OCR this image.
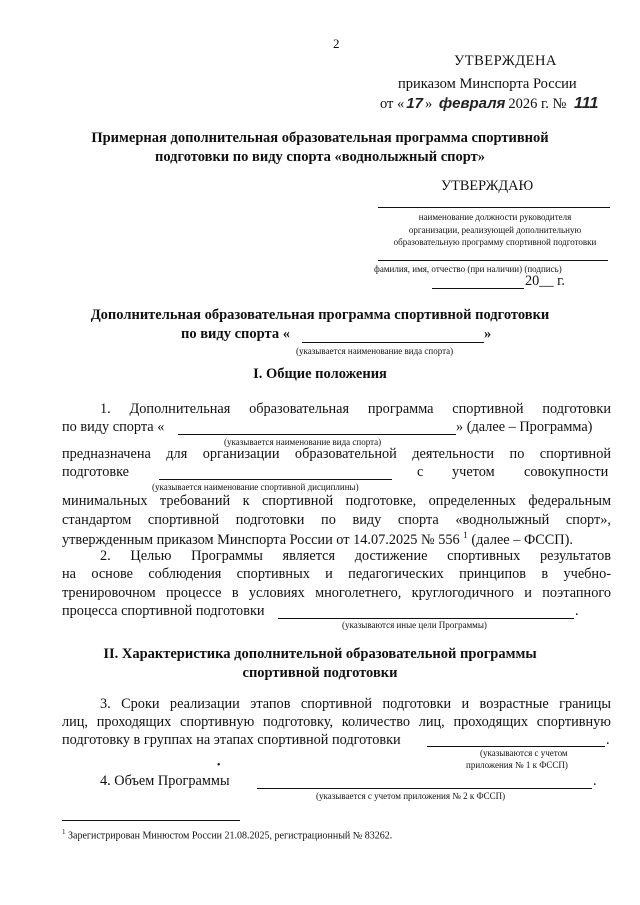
2
УТВЕРЖДЕНА
приказом Минспорта России
от « 17 » февраля 2026 г. № 111
Примерная дополнительная образовательная программа спортивной
подготовки по виду спорта «воднолыжный спорт»
УТВЕРЖДАЮ
наименование должности руководителя
организации, реализующей дополнительную
образовательную программу спортивной подготовки
фамилия, имя, отчество (при наличии) (подпись)
20__ г.
Дополнительная образовательная программа спортивной подготовки
по виду спорта «	»
(указывается наименование вида спорта)
I. Общие положения
1. Дополнительная образовательная программа спортивной подготовки
по виду спорта «	» (далее – Программа)
(указывается наименование вида спорта)
предназначена для организации образовательной деятельности по спортивной
подготовке	с учетом совокупности
(указывается наименование спортивной дисциплины)
минимальных требований к спортивной подготовке, определенных федеральным
стандартом спортивной подготовки по виду спорта «воднолыжный спорт»,
утвержденным приказом Минспорта России от 14.07.2025 № 556 $^1$ (далее – ФССП).
2. Целью Программы является достижение спортивных результатов
на основе соблюдения спортивных и педагогических принципов в учебно-
тренировочном процессе в условиях многолетнего, круглогодичного и поэтапного
процесса спортивной подготовки	.
(указываются иные цели Программы)
II. Характеристика дополнительной образовательной программы
спортивной подготовки
3. Сроки реализации этапов спортивной подготовки и возрастные границы
лиц, проходящих спортивную подготовку, количество лиц, проходящих спортивную
подготовку в группах на этапах спортивной подготовки	.
(указываются с учетом
приложения № 1 к ФССП)
•
4. Объем Программы	.
(указывается с учетом приложения № 2 к ФССП)
$^1$ Зарегистрирован Минюстом России 21.08.2025, регистрационный № 83262.
